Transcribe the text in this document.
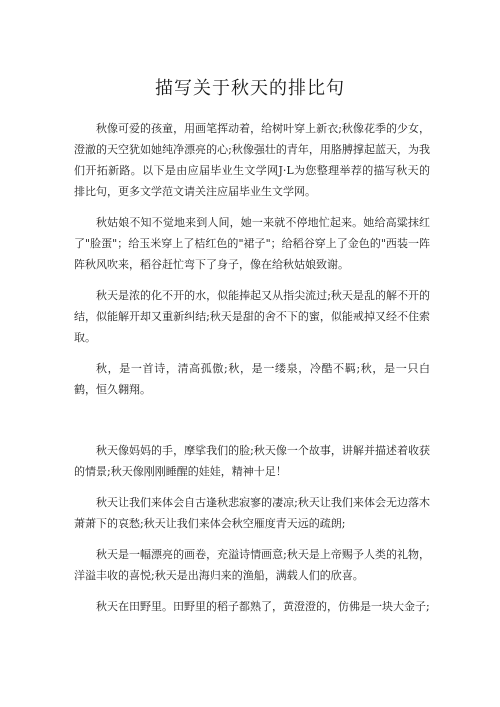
描写关于秋天的排比句

秋像可爱的孩童，用画笔挥动着，给树叶穿上新衣;秋像花季的少女，澄澈的天空犹如她纯净漂亮的心;秋像强壮的青年，用胳膊撑起蓝天，为我们开拓新路。以下是由应届毕业生文学网J·L为您整理举荐的描写秋天的排比句，更多文学范文请关注应届毕业生文学网。

秋姑娘不知不觉地来到人间，她一来就不停地忙起来。她给高粱抹红了"脸蛋"；给玉米穿上了桔红色的"裙子"；给稻谷穿上了金色的"西装一阵阵秋风吹来，稻谷赶忙弯下了身子，像在给秋姑娘致谢。

秋天是浓的化不开的水，似能捧起又从指尖流过;秋天是乱的解不开的结，似能解开却又重新纠结;秋天是甜的舍不下的蜜，似能戒掉又经不住索取。

秋，是一首诗，清高孤傲;秋，是一缕泉，冷酷不羁;秋，是一只白鹤，恒久翱翔。

秋天像妈妈的手，摩挲我们的脸;秋天像一个故事，讲解并描述着收获的情景;秋天像刚刚睡醒的娃娃，精神十足！

秋天让我们来体会自古逢秋悲寂寥的凄凉;秋天让我们来体会无边落木萧萧下的哀愁;秋天让我们来体会秋空雁度青天远的疏朗;

秋天是一幅漂亮的画卷，充溢诗情画意;秋天是上帝赐予人类的礼物，洋溢丰收的喜悦;秋天是出海归来的渔船，满载人们的欣喜。

秋天在田野里。田野里的稻子都熟了，黄澄澄的，仿佛是一块大金子;
